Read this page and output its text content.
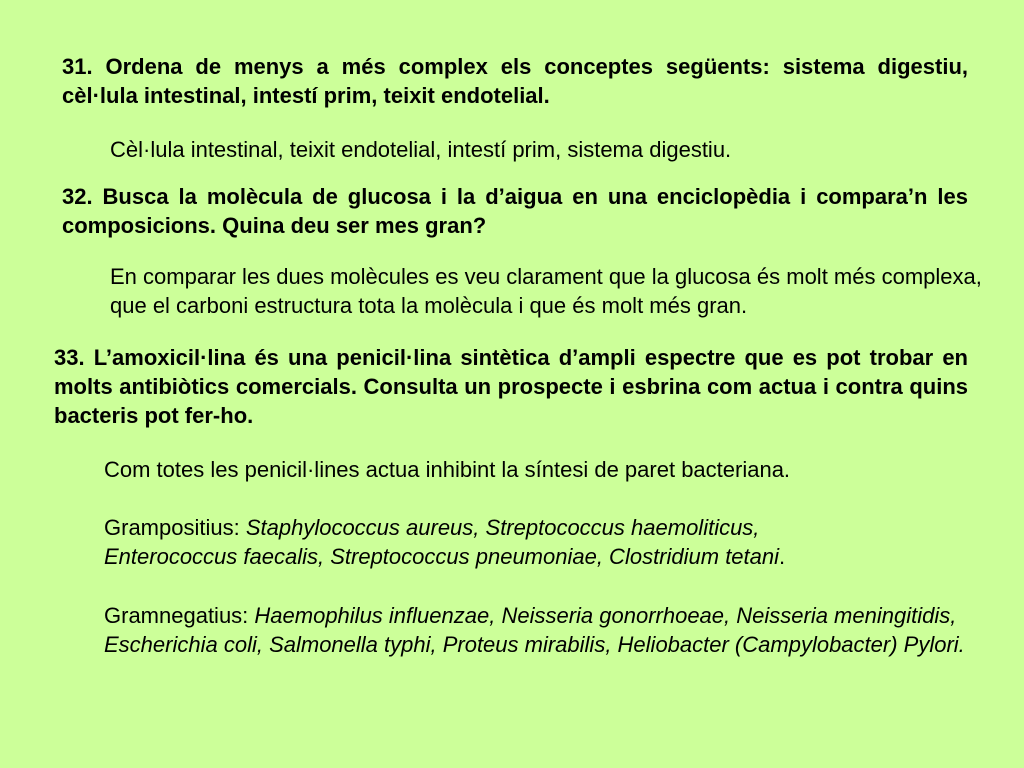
31. Ordena de menys a més complex els conceptes següents: sistema digestiu, cèl·lula intestinal, intestí prim, teixit endotelial.
Cèl·lula intestinal, teixit endotelial, intestí prim, sistema digestiu.
32. Busca la molècula de glucosa i la d’aigua en una enciclopèdia i compara’n les composicions. Quina deu ser mes gran?
En comparar les dues molècules es veu clarament que la glucosa és molt més complexa, que el carboni estructura tota la molècula i que és molt més gran.
33. L’amoxicil·lina és una penicil·lina sintètica d’ampli espectre que es pot trobar en molts antibiòtics comercials. Consulta un prospecte i esbrina com actua i contra quins bacteris pot fer-ho.
Com totes les penicil·lines actua inhibint la síntesi de paret bacteriana.
Grampositius: Staphylococcus aureus, Streptococcus haemoliticus, Enterococcus faecalis, Streptococcus pneumoniae, Clostridium tetani.
Gramnegatius: Haemophilus influenzae, Neisseria gonorrhoeae, Neisseria meningitidis, Escherichia coli, Salmonella typhi, Proteus mirabilis, Heliobacter (Campylobacter) Pylori.
